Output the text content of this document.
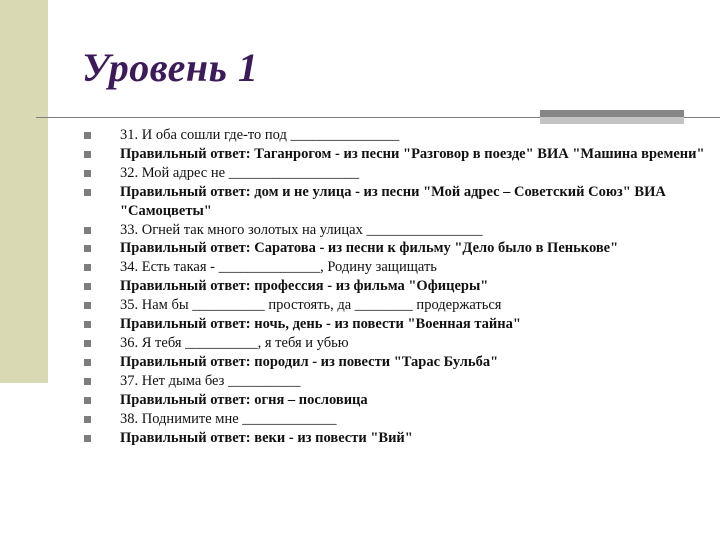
Уровень 1
31. И оба сошли где-то под _______________
Правильный ответ: Таганрогом - из песни "Разговор в поезде" ВИА "Машина времени"
32. Мой адрес не __________________
Правильный ответ: дом и не улица - из песни "Мой адрес – Советский Союз" ВИА "Самоцветы"
33. Огней так много золотых на улицах ________________
Правильный ответ: Саратова - из песни к фильму "Дело было в Пенькове"
34. Есть такая - ______________, Родину защищать
Правильный ответ: профессия - из фильма "Офицеры"
35. Нам бы __________ простоять, да ________ продержаться
Правильный ответ: ночь, день - из повести "Военная тайна"
36. Я тебя __________, я тебя и убью
Правильный ответ: породил - из повести "Тарас Бульба"
37. Нет дыма без __________
Правильный ответ: огня – пословица
38. Поднимите мне _____________
Правильный ответ: веки - из повести "Вий"
